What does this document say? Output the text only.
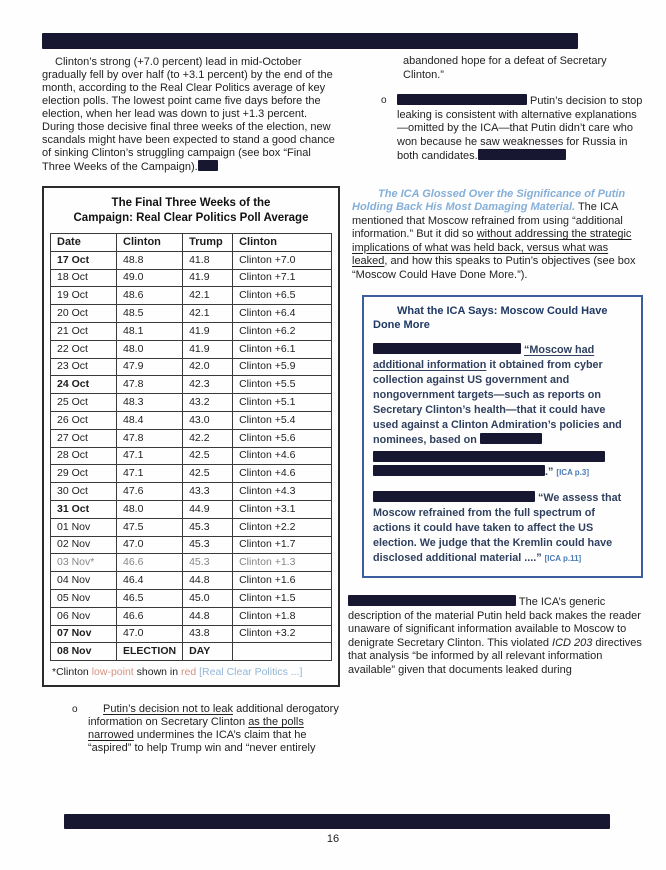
Clinton’s strong (+7.0 percent) lead in mid-October gradually fell by over half (to +3.1 percent) by the end of the month, according to the Real Clear Politics average of key election polls. The lowest point came five days before the election, when her lead was down to just +1.3 percent. During those decisive final three weeks of the election, new scandals might have been expected to stand a good chance of sinking Clinton’s struggling campaign (see box “Final Three Weeks of the Campaign).

The Final Three Weeks of the
Campaign: Real Clear Politics Poll Average
Date	Clinton	Trump	Clinton
17 Oct	48.8	41.8	Clinton +7.0
18 Oct	49.0	41.9	Clinton +7.1
19 Oct	48.6	42.1	Clinton +6.5
20 Oct	48.5	42.1	Clinton +6.4
21 Oct	48.1	41.9	Clinton +6.2
22 Oct	48.0	41.9	Clinton +6.1
23 Oct	47.9	42.0	Clinton +5.9
24 Oct	47.8	42.3	Clinton +5.5
25 Oct	48.3	43.2	Clinton +5.1
26 Oct	48.4	43.0	Clinton +5.4
27 Oct	47.8	42.2	Clinton +5.6
28 Oct	47.1	42.5	Clinton +4.6
29 Oct	47.1	42.5	Clinton +4.6
30 Oct	47.6	43.3	Clinton +4.3
31 Oct	48.0	44.9	Clinton +3.1
01 Nov	47.5	45.3	Clinton +2.2
02 Nov	47.0	45.3	Clinton +1.7
03 Nov*	46.6	45.3	Clinton +1.3
04 Nov	46.4	44.8	Clinton +1.6
05 Nov	46.5	45.0	Clinton +1.5
06 Nov	46.6	44.8	Clinton +1.8
07 Nov	47.0	43.8	Clinton +3.2
08 Nov	ELECTION	DAY	
*Clinton low-point shown in red [Real Clear Politics ...]
o	Putin’s decision not to leak additional derogatory information on Secretary Clinton as the polls narrowed undermines the ICA’s claim that he “aspired” to help Trump win and “never entirely

abandoned hope for a defeat of Secretary Clinton.”

o	Putin’s decision to stop leaking is consistent with alternative explanations—omitted by the ICA—that Putin didn’t care who won because he saw weaknesses for Russia in both candidates.

The ICA Glossed Over the Significance of Putin Holding Back His Most Damaging Material. The ICA mentioned that Moscow refrained from using “additional information.” But it did so without addressing the strategic implications of what was held back, versus what was leaked, and how this speaks to Putin’s objectives (see box “Moscow Could Have Done More.”).

What the ICA Says: Moscow Could Have Done More

“Moscow had additional information it obtained from cyber collection against US government and nongovernment targets—such as reports on Secretary Clinton’s health—that it could have used against a Clinton Admiration’s policies and nominees, based on
.” [ICA p.3]

“We assess that Moscow refrained from the full spectrum of actions it could have taken to affect the US election. We judge that the Kremlin could have disclosed additional material ....” [ICA p.11]

The ICA’s generic description of the material Putin held back makes the reader unaware of significant information available to Moscow to denigrate Secretary Clinton. This violated ICD 203 directives that analysis “be informed by all relevant information available” given that documents leaked during

16
